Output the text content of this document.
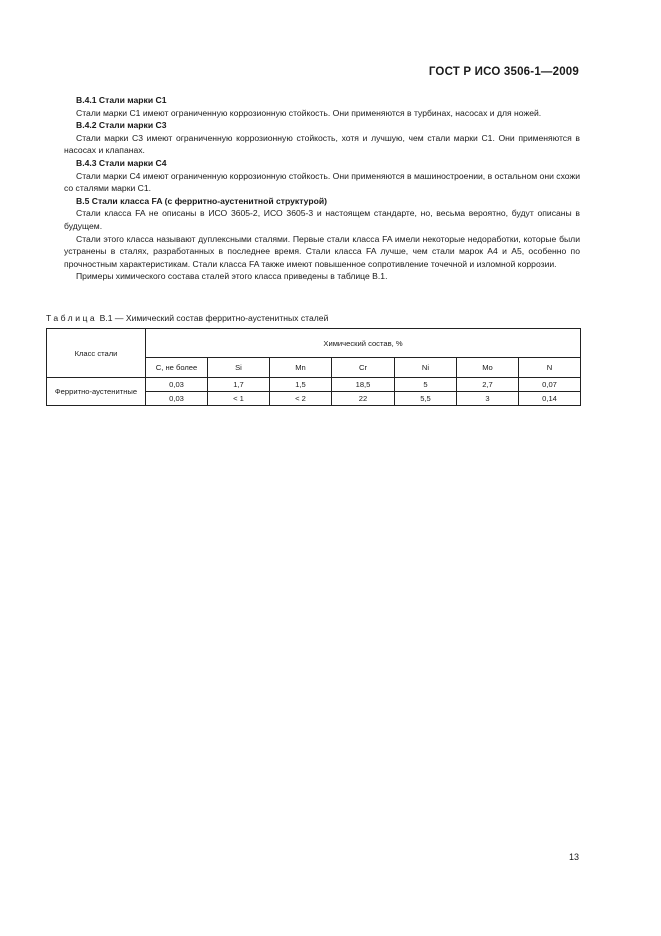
ГОСТ Р ИСО 3506-1—2009
В.4.1 Стали марки С1
Стали марки С1 имеют ограниченную коррозионную стойкость. Они применяются в турбинах, насосах и для ножей.
В.4.2 Стали марки С3
Стали марки С3 имеют ограниченную коррозионную стойкость, хотя и лучшую, чем стали марки С1. Они применяются в насосах и клапанах.
В.4.3 Стали марки С4
Стали марки С4 имеют ограниченную коррозионную стойкость. Они применяются в машиностроении, в остальном они схожи со сталями марки С1.
В.5 Стали класса FA (с ферритно-аустенитной структурой)
Стали класса FA не описаны в ИСО 3605-2, ИСО 3605-3 и настоящем стандарте, но, весьма вероятно, будут описаны в будущем.
Стали этого класса называют дуплексными сталями. Первые стали класса FA имели некоторые недоработки, которые были устранены в сталях, разработанных в последнее время. Стали класса FA лучше, чем стали марок А4 и А5, особенно по прочностным характеристикам. Стали класса FA также имеют повышенное сопротивление точечной и изломной коррозии.
Примеры химического состава сталей этого класса приведены в таблице В.1.
Таблица В.1 — Химический состав ферритно-аустенитных сталей
Класс стали	Химический состав, %						
	С, не более	Si	Mn	Cr	Ni	Mo	N
Ферритно-аустенитные	0,03	1,7	1,5	18,5	5	2,7	0,07
	0,03	< 1	< 2	22	5,5	3	0,14
13
